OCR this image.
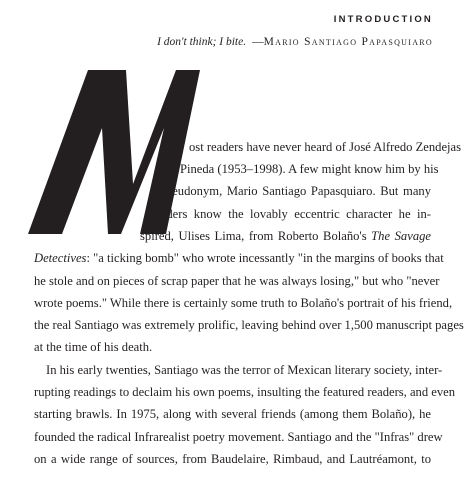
INTRODUCTION
I don't think; I bite. —Mario Santiago Papasquiaro
ost readers have never heard of José Alfredo Zendejas
Pineda (1953–1998). A few might know him by his
pseudonym, Mario Santiago Papasquiaro. But many
readers know the lovably eccentric character he in-
spired, Ulises Lima, from Roberto Bolaño's The Savage
Detectives: "a ticking bomb" who wrote incessantly "in the margins of books that
he stole and on pieces of scrap paper that he was always losing," but who "never
wrote poems." While there is certainly some truth to Bolaño's portrait of his friend,
the real Santiago was extremely prolific, leaving behind over 1,500 manuscript pages
at the time of his death.
In his early twenties, Santiago was the terror of Mexican literary society, inter-
rupting readings to declaim his own poems, insulting the featured readers, and even
starting brawls. In 1975, along with several friends (among them Bolaño), he
founded the radical Infrarealist poetry movement. Santiago and the "Infras" drew
on a wide range of sources, from Baudelaire, Rimbaud, and Lautréamont, to
